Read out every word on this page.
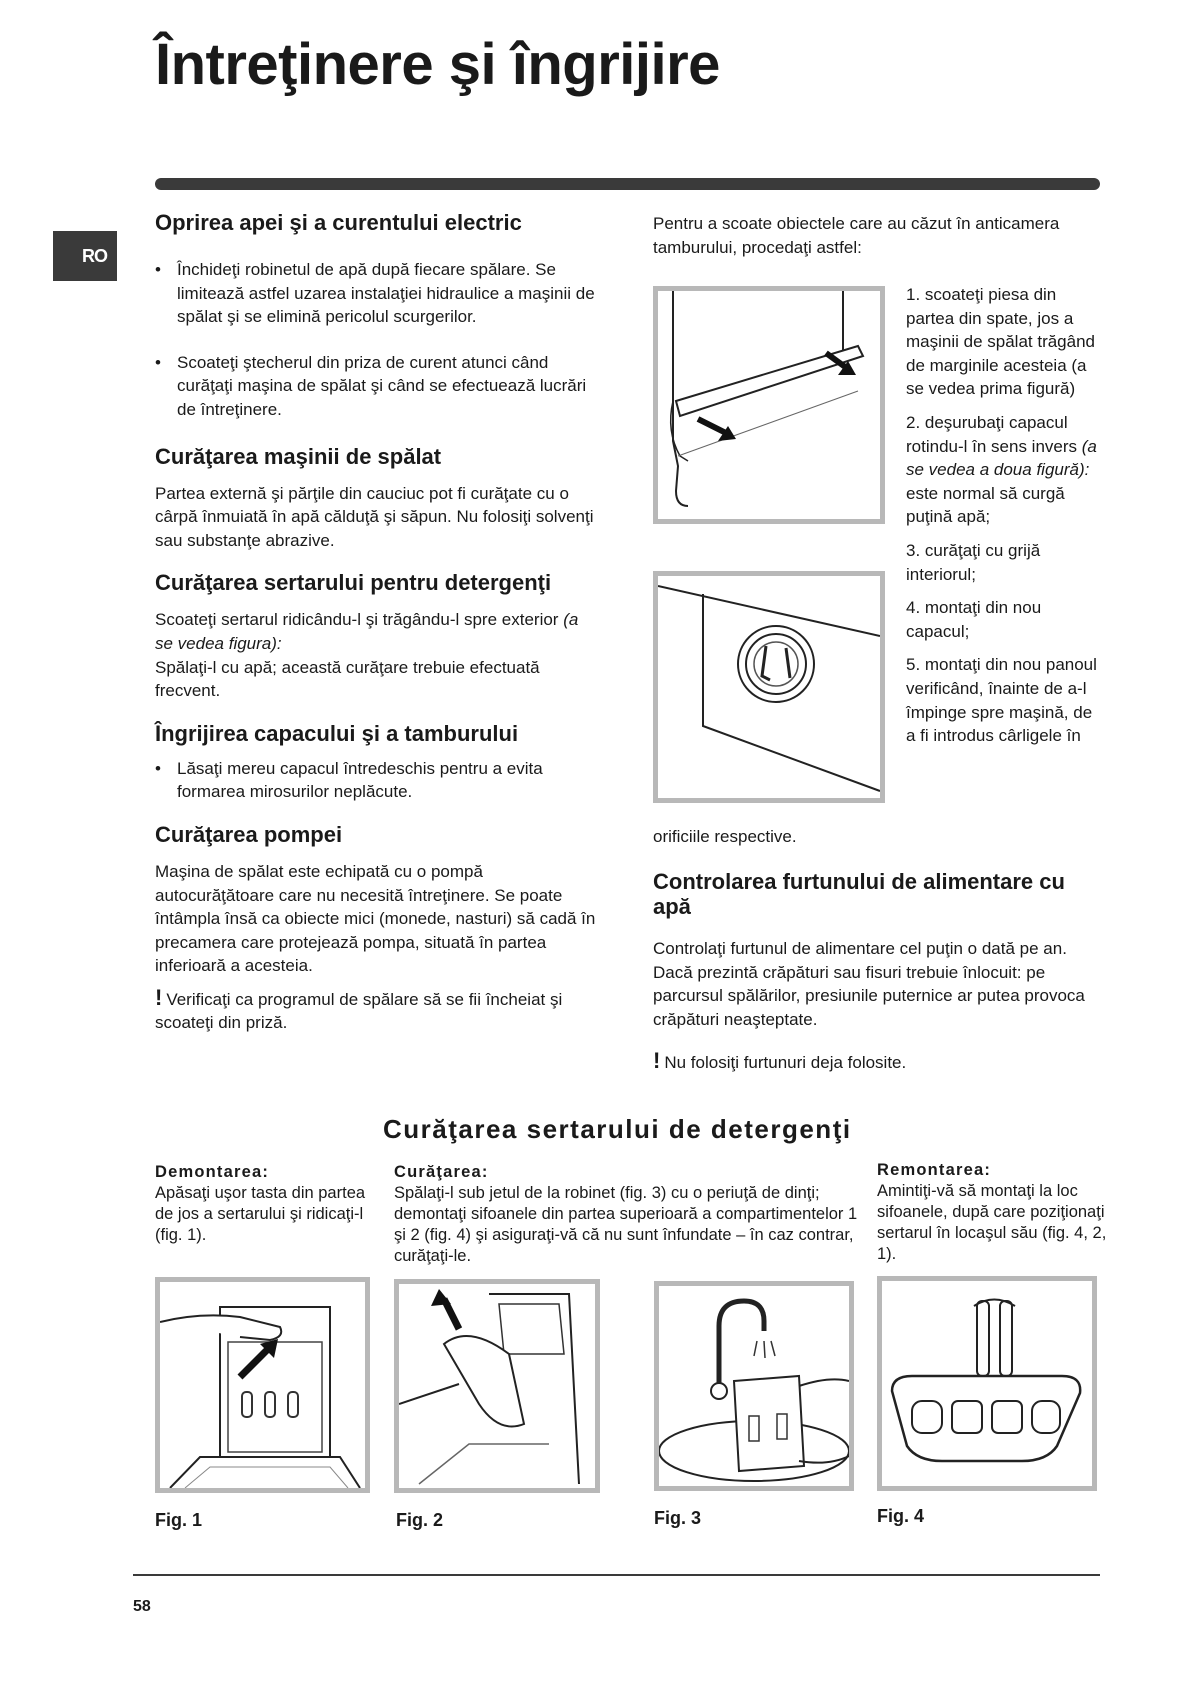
Întreţinere şi îngrijire
RO
Oprirea apei şi a curentului electric
• Închideţi robinetul de apă după fiecare spălare. Se limitează astfel uzarea instalaţiei hidraulice a maşinii de spălat şi se elimină pericolul scurgerilor.
• Scoateţi ştecherul din priza de curent atunci când curăţaţi maşina de spălat şi când se efectuează lucrări de întreţinere.
Curăţarea maşinii de spălat

Partea externă şi părţile din cauciuc pot fi curăţate cu o cârpă înmuiată în apă călduţă şi săpun. Nu folosiţi solvenţi sau substanţe abrazive.

Curăţarea sertarului pentru detergenţi

Scoateţi sertarul ridicându-l şi trăgându-l spre exterior (a se vedea figura):
Spălaţi-l cu apă; această curăţare trebuie efectuată frecvent.

Îngrijirea capacului şi a tamburului
• Lăsaţi mereu capacul întredeschis pentru a evita formarea mirosurilor neplăcute.
Curăţarea pompei

Maşina de spălat este echipată cu o pompă autocurăţătoare care nu necesită întreţinere. Se poate întâmpla însă ca obiecte mici (monede, nasturi) să cadă în precamera care protejează pompa, situată în partea inferioară a acesteia.

! Verificaţi ca programul de spălare să se fii încheiat şi scoateţi din priză.

Pentru a scoate obiectele care au căzut în anticamera tamburului, procedaţi astfel:

1. scoateţi piesa din partea din spate, jos a maşinii de spălat trăgând de marginile acesteia (a se vedea prima figură)

2. deşurubaţi capacul rotindu-l în sens invers (a se vedea a doua figură): este normal să curgă puţină apă;

3. curăţaţi cu grijă interiorul;

4. montaţi din nou capacul;

5. montaţi din nou panoul verificând, înainte de a-l împinge spre maşină, de a fi introdus cârligele în

orificiile respective.
Controlarea furtunului de alimentare cu apă

Controlaţi furtunul de alimentare cel puţin o dată pe an. Dacă prezintă crăpături sau fisuri trebuie înlocuit: pe parcursul spălărilor, presiunile puternice ar putea provoca crăpături neaşteptate.

! Nu folosiţi furtunuri deja folosite.

Curăţarea sertarului de detergenţi
Demontarea:
Apăsaţi uşor tasta din partea de jos a sertarului şi ridicaţi-l (fig. 1).
Curăţarea:
Spălaţi-l sub jetul de la robinet (fig. 3) cu o periuţă de dinţi; demontaţi sifoanele din partea superioară a compartimentelor 1 şi 2 (fig. 4) şi asiguraţi-vă că nu sunt înfundate – în caz contrar, curăţaţi-le.
Remontarea:
Amintiţi-vă să montaţi la loc sifoanele, după care poziţionaţi sertarul în locaşul său (fig. 4, 2, 1).
Fig. 1	Fig. 2	Fig. 3	Fig. 4
58
